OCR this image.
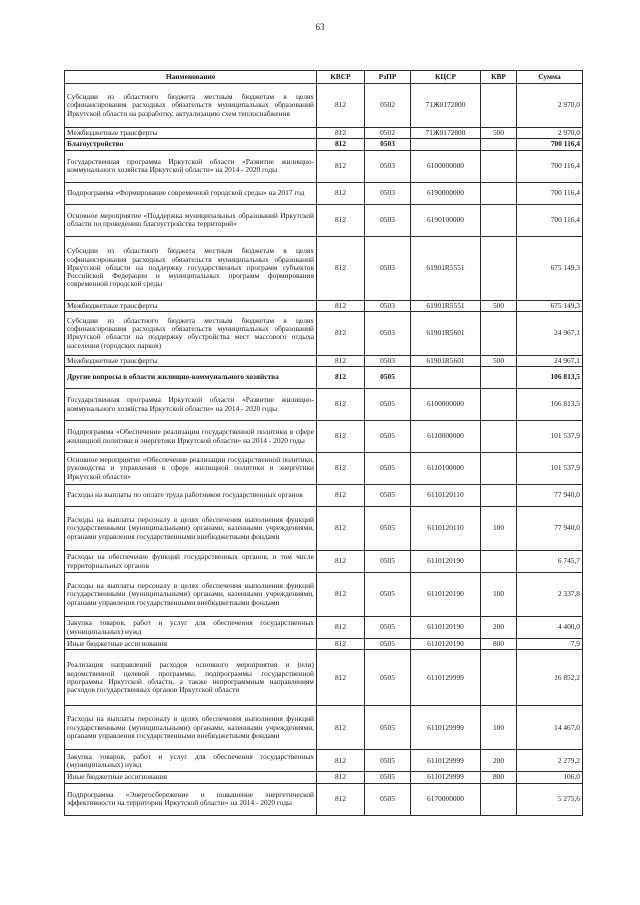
63
Наименование	КВСР	РзПР	КЦСР	КВР	Сумма
Субсидии из областного бюджета местным бюджетам в целях софинансирования расходных обязательств муниципальных образований Иркутской области на разработку, актуализацию схем теплоснабжения	812	0502	71Ж0172800		2 970,0
Межбюджетные трансферты	812	0502	71Ж0172800	500	2 970,0
Благоустройство	812	0503			700 116,4
Государственная программа Иркутской области «Развитие жилищно-коммунального хозяйства Иркутской области» на 2014 - 2020 годы	812	0503	6100000000		700 116,4
Подпрограмма «Формирование современной городской среды» на 2017 год	812	0503	6190000000		700 116,4
Основное мероприятие «Поддержка муниципальных образований Иркутской области по проведению благоустройства территорий»	812	0503	6190100000		700 116,4
Субсидии из областного бюджета местным бюджетам в целях софинансирования расходных обязательств муниципальных образований Иркутской области на поддержку государственных программ субъектов Российской Федерации и муниципальных программ формирования современной городской среды	812	0503	61901R5551		675 149,3
Межбюджетные трансферты	812	0503	61901R5551	500	675 149,3
Субсидии из областного бюджета местным бюджетам в целях софинансирования расходных обязательств муниципальных образований Иркутской области на поддержку обустройства мест массового отдыха населения (городских парков)	812	0503	61901R5601		24 967,1
Межбюджетные трансферты	812	0503	61901R5601	500	24 967,1
Другие вопросы в области жилищно-коммунального хозяйства	812	0505			106 813,5
Государственная программа Иркутской области «Развитие жилищно-коммунального хозяйства Иркутской области» на 2014 - 2020 годы	812	0505	6100000000		106 813,5
Подпрограмма «Обеспечение реализации государственной политики в сфере жилищной политики и энергетики Иркутской области» на 2014 - 2020 годы	812	0505	6110000000		101 537,9
Основное мероприятие «Обеспечение реализации государственной политики, руководства и управления в сфере жилищной политики и энергетики Иркутской области»	812	0505	6110100000		101 537,9
Расходы на выплаты по оплате труда работников государственных органов	812	0505	6110120110		77 940,0
Расходы на выплаты персоналу в целях обеспечения выполнения функций государственными (муниципальными) органами, казенными учреждениями, органами управления государственными внебюджетными фондами	812	0505	6110120110	100	77 940,0
Расходы на обеспечение функций государственных органов, в том числе территориальных органов	812	0505	6110120190		6 745,7
Расходы на выплаты персоналу в целях обеспечения выполнения функций государственными (муниципальными) органами, казенными учреждениями, органами управления государственными внебюджетными фондами	812	0505	6110120190	100	2 337,8
Закупка товаров, работ и услуг для обеспечения государственных (муниципальных) нужд	812	0505	6110120190	200	4 400,0
Иные бюджетные ассигнования	812	0505	6110120190	800	7,9
Реализация направлений расходов основного мероприятия и (или) ведомственной целевой программы, подпрограммы государственной программы Иркутской области, а также непрограммным направлениям расходов государственных органов Иркутской области	812	0505	6110129999		16 852,2
Расходы на выплаты персоналу в целях обеспечения выполнения функций государственными (муниципальными) органами, казенными учреждениями, органами управления государственными внебюджетными фондами	812	0505	6110129999	100	14 467,0
Закупка товаров, работ и услуг для обеспечения государственных (муниципальных) нужд	812	0505	6110129999	200	2 279,2
Иные бюджетные ассигнования	812	0505	6110129999	800	106,0
Подпрограмма «Энергосбережение и повышение энергетической эффективности на территории Иркутской области» на 2014 - 2020 годы	812	0505	6170000000		5 275,6
